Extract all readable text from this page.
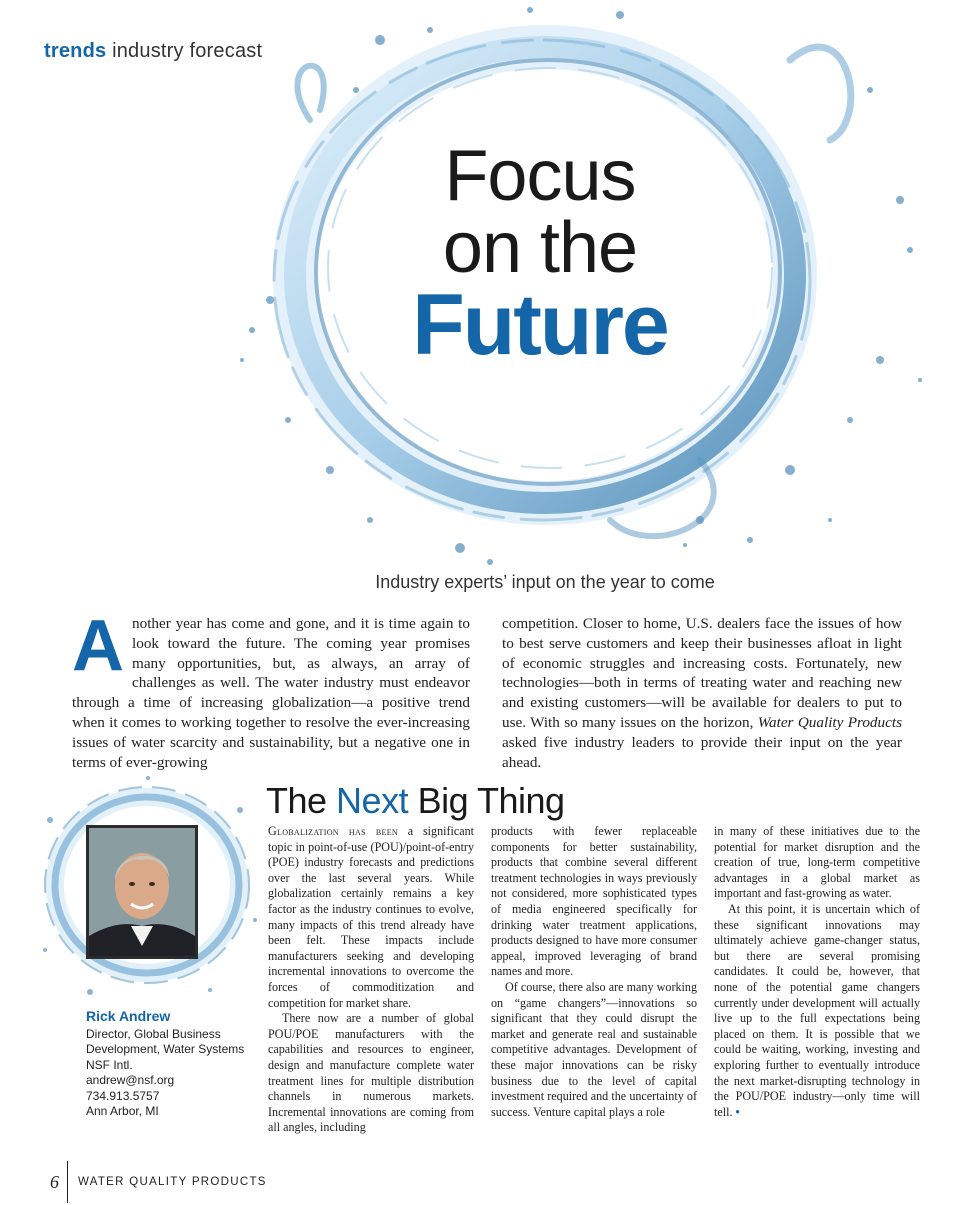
trends industry forecast
Focus
on the
Future
Industry experts’ input on the year to come
A nother year has come and gone, and it is time again to look toward the future. The coming year promises many opportunities, but, as always, an array of challenges as well. The water industry must endeavor through a time of increasing globalization—a positive trend when it comes to working together to resolve the ever-increasing issues of water scarcity and sustainability, but a negative one in terms of ever-growing

competition. Closer to home, U.S. dealers face the issues of how to best serve customers and keep their businesses afloat in light of economic struggles and increasing costs. Fortunately, new technologies—both in terms of treating water and reaching new and existing customers—will be available for dealers to put to use. With so many issues on the horizon, Water Quality Products asked five industry leaders to provide their input on the year ahead.

Rick Andrew
Director, Global Business
Development, Water Systems
NSF Intl.
andrew@nsf.org
734.913.5757
Ann Arbor, MI
The Next Big Thing

Globalization has been a significant topic in point-of-use (POU)/point-of-entry (POE) industry forecasts and predictions over the last several years. While globalization certainly remains a key factor as the industry continues to evolve, many impacts of this trend already have been felt. These impacts include manufacturers seeking and developing incremental innovations to overcome the forces of commoditization and competition for market share.

There now are a number of global POU/POE manufacturers with the capabilities and resources to engineer, design and manufacture complete water treatment lines for multiple distribution channels in numerous markets. Incremental innovations are coming from all angles, including

products with fewer replaceable components for better sustainability, products that combine several different treatment technologies in ways previously not considered, more sophisticated types of media engineered specifically for drinking water treatment applications, products designed to have more consumer appeal, improved leveraging of brand names and more.

Of course, there also are many working on “game changers”—innovations so significant that they could disrupt the market and generate real and sustainable competitive advantages. Development of these major innovations can be risky business due to the level of capital investment required and the uncertainty of success. Venture capital plays a role

in many of these initiatives due to the potential for market disruption and the creation of true, long-term competitive advantages in a global market as important and fast-growing as water.

At this point, it is uncertain which of these significant innovations may ultimately achieve game-changer status, but there are several promising candidates. It could be, however, that none of the potential game changers currently under development will actually live up to the full expectations being placed on them. It is possible that we could be waiting, working, investing and exploring further to eventually introduce the next market-disrupting technology in the POU/POE industry—only time will tell. •

6	WATER QUALITY PRODUCTS
